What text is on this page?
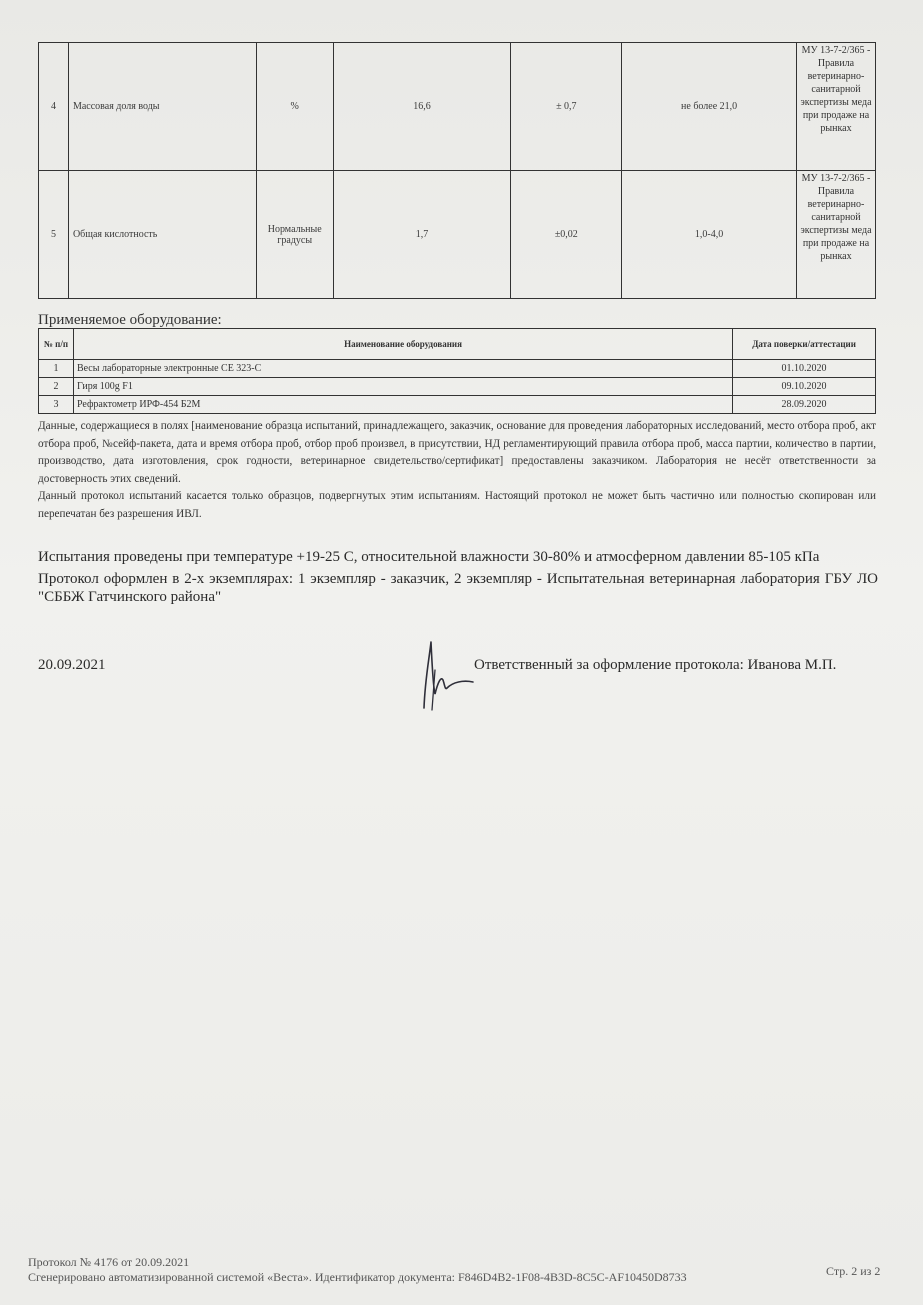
4	Массовая доля воды	%	16,6	± 0,7	не более 21,0	МУ 13-7-2/365 - Правила ветеринарно-санитарной экспертизы меда при продаже на рынках
5	Общая кислотность	Нормальные градусы	1,7	±0,02	1,0-4,0	МУ 13-7-2/365 - Правила ветеринарно-санитарной экспертизы меда при продаже на рынках
Применяемое оборудование:
№ п/п	Наименование оборудования	Дата поверки/аттестации
1	Весы лабораторные электронные СЕ 323-С	01.10.2020
2	Гиря 100g F1	09.10.2020
3	Рефрактометр ИРФ-454 Б2М	28.09.2020

Данные, содержащиеся в полях [наименование образца испытаний, принадлежащего, заказчик, основание для проведения лабораторных исследований, место отбора проб, акт отбора проб, №сейф-пакета, дата и время отбора проб, отбор проб произвел, в присутствии, НД регламентирующий правила отбора проб, масса партии, количество в партии, производство, дата изготовления, срок годности, ветеринарное свидетельство/сертификат] предоставлены заказчиком. Лаборатория не несёт ответственности за достоверность этих сведений.

Данный протокол испытаний касается только образцов, подвергнутых этим испытаниям. Настоящий протокол не может быть частично или полностью скопирован или перепечатан без разрешения ИВЛ.

Испытания проведены при температуре +19-25 С, относительной влажности 30-80% и атмосферном давлении 85-105 кПа

Протокол оформлен в 2-х экземплярах: 1 экземпляр - заказчик, 2 экземпляр - Испытательная ветеринарная лаборатория ГБУ ЛО "СББЖ Гатчинского района"

20.09.2021	Ответственный за оформление протокола: Иванова М.П.
Протокол № 4176 от 20.09.2021
Сгенерировано автоматизированной системой «Веста». Идентификатор документа: F846D4B2-1F08-4B3D-8C5C-AF10450D8733	Стр. 2 из 2
